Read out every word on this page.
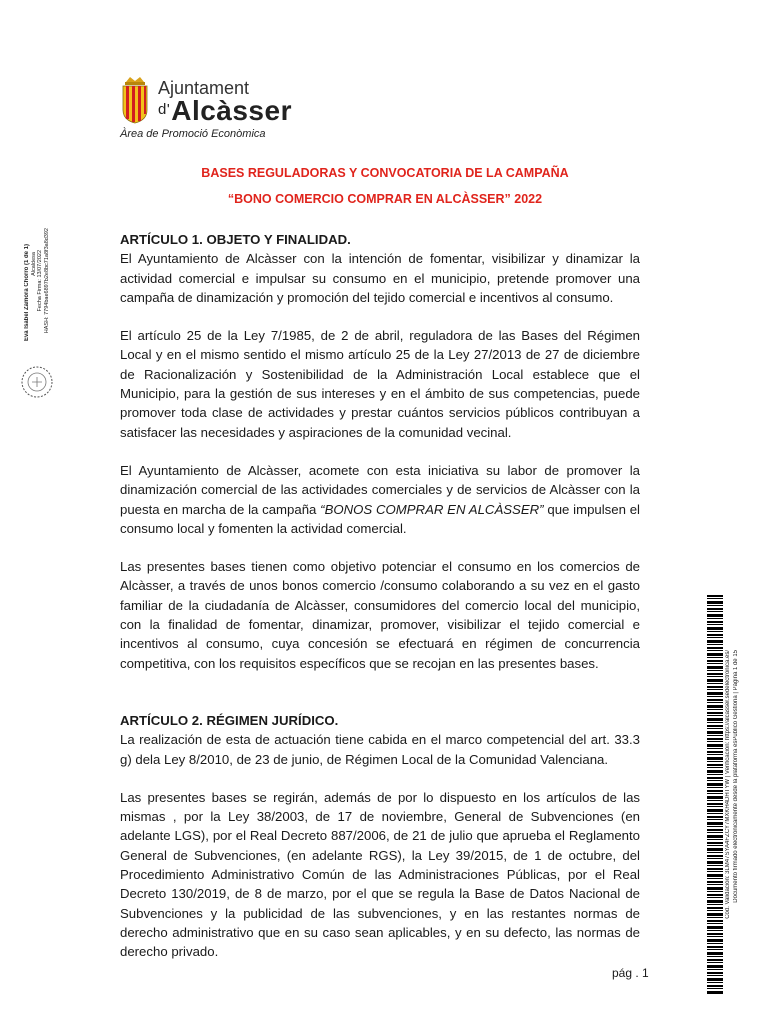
Ajuntament
$^{d'}$Alcàsser
Àrea de Promoció Econòmica
BASES REGULADORAS Y CONVOCATORIA DE LA CAMPAÑA
“BONO COMERCIO COMPRAR EN ALCÀSSER” 2022

ARTÍCULO 1. OBJETO Y FINALIDAD.

El Ayuntamiento de Alcàsser con la intención de fomentar, visibilizar y dinamizar la actividad comercial e impulsar su consumo en el municipio, pretende promover una campaña de dinamización y promoción del tejido comercial e incentivos al consumo.

El artículo 25 de la Ley 7/1985, de 2 de abril, reguladora de las Bases del Régimen Local y en el mismo sentido el mismo artículo 25 de la Ley 27/2013 de 27 de diciembre de Racionalización y Sostenibilidad de la Administración Local establece que el Municipio, para la gestión de sus intereses y en el ámbito de sus competencias, puede promover toda clase de actividades y prestar cuántos servicios públicos contribuyan a satisfacer las necesidades y aspiraciones de la comunidad vecinal.

El Ayuntamiento de Alcàsser, acomete con esta iniciativa su labor de promover la dinamización comercial de las actividades comerciales y de servicios de Alcàsser con la puesta en marcha de la campaña “BONOS COMPRAR EN ALCÀSSER” que impulsen el consumo local y fomenten la actividad comercial.

Las presentes bases tienen como objetivo potenciar el consumo en los comercios de Alcàsser, a través de unos bonos comercio /consumo colaborando a su vez en el gasto familiar de la ciudadanía de Alcàsser, consumidores del comercio local del municipio, con la finalidad de fomentar, dinamizar, promover, visibilizar el tejido comercial e incentivos al consumo, cuya concesión se efectuará en régimen de concurrencia competitiva, con los requisitos específicos que se recojan en las presentes bases.

ARTÍCULO 2. RÉGIMEN JURÍDICO.

La realización de esta de actuación tiene cabida en el marco competencial del art. 33.3 g) dela Ley 8/2010, de 23 de junio, de Régimen Local de la Comunidad Valenciana.

Las presentes bases se regirán, además de por lo dispuesto en los artículos de las mismas , por la Ley 38/2003, de 17 de noviembre, General de Subvenciones (en adelante LGS), por el Real Decreto 887/2006, de 21 de julio que aprueba el Reglamento General de Subvenciones, (en adelante RGS), la Ley 39/2015, de 1 de octubre, del Procedimiento Administrativo Común de las Administraciones Públicas, por el Real Decreto 130/2019, de 8 de marzo, por el que se regula la Base de Datos Nacional de Subvenciones y la publicidad de las subvenciones, y en las restantes normas de derecho administrativo que en su caso sean aplicables, y en su defecto, las normas de derecho privado.

pág . 1
Eva Isabel Zamora Chorro (1 de 1) Alcaldesa Fecha Firma: 13/07/2022 HASH: 7794bae6897b2e8bc71a8f3a8d392
Cod. Validación: 3LM47SYA4FZCY7MXKH4DHTYW | Verificación: https://alcasser.sedelectronica.es/ Documento firmado electrónicamente desde la plataforma esPublico Gestiona | Página 1 de 15
